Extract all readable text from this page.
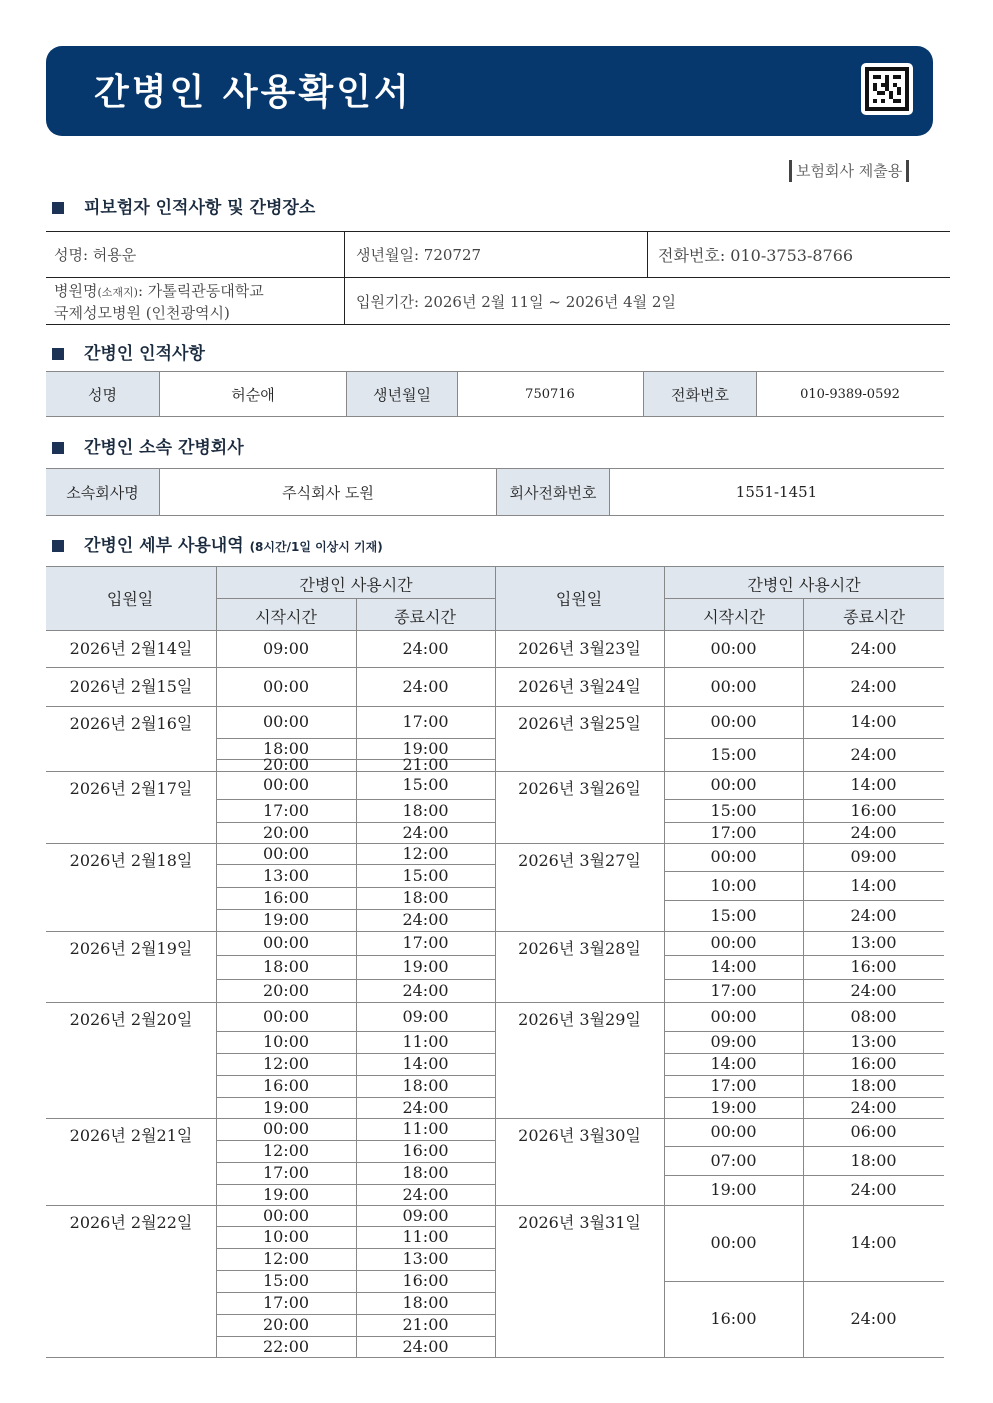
간병인 사용확인서
보험회사 제출용
피보험자 인적사항 및 간병장소
성명: 허용운	생년월일: 720727	전화번호: 010-3753-8766
병원명(소재지): 가톨릭관동대학교
국제성모병원 (인천광역시)
입원기간: 2026년 2월 11일 ~ 2026년 4월 2일
간병인 인적사항
성명	허순애	생년월일	750716	전화번호	010-9389-0592
간병인 소속 간병회사
소속회사명	주식회사 도원	회사전화번호	1551-1451
간병인 세부 사용내역 (8시간/1일 이상시 기재)
입원일
간병인 사용시간
시작시간	종료시간
입원일
간병인 사용시간
시작시간	종료시간
2026년 2월14일	09:00	24:00
2026년 2월15일	00:00	24:00
2026년 2월16일	00:00	17:00
18:00	19:00
20:00	21:00
2026년 2월17일	00:00	15:00
17:00	18:00
20:00	24:00
2026년 2월18일	00:00	12:00
13:00	15:00
16:00	18:00
19:00	24:00
2026년 2월19일	00:00	17:00
18:00	19:00
20:00	24:00
2026년 2월20일	00:00	09:00
10:00	11:00
12:00	14:00
16:00	18:00
19:00	24:00
2026년 2월21일	00:00	11:00
12:00	16:00
17:00	18:00
19:00	24:00
2026년 2월22일	00:00	09:00
10:00	11:00
12:00	13:00
15:00	16:00
17:00	18:00
20:00	21:00
22:00	24:00
2026년 3월23일	00:00	24:00
2026년 3월24일	00:00	24:00
2026년 3월25일	00:00	14:00
15:00	24:00
2026년 3월26일	00:00	14:00
15:00	16:00
17:00	24:00
2026년 3월27일	00:00	09:00
10:00	14:00
15:00	24:00
2026년 3월28일	00:00	13:00
14:00	16:00
17:00	24:00
2026년 3월29일	00:00	08:00
09:00	13:00
14:00	16:00
17:00	18:00
19:00	24:00
2026년 3월30일	00:00	06:00
07:00	18:00
19:00	24:00
2026년 3월31일
00:00	14:00
16:00	24:00
